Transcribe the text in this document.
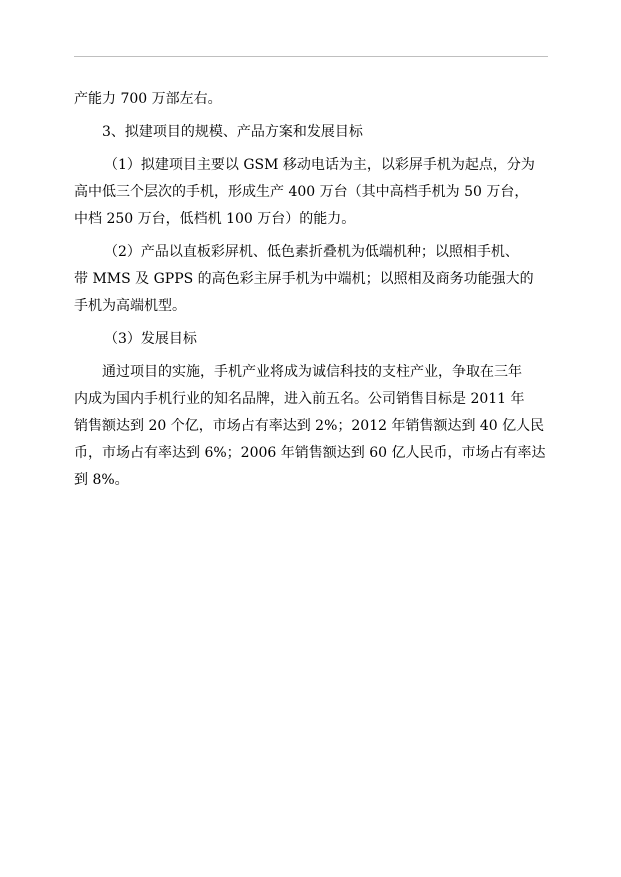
产能力 700 万部左右。

3、拟建项目的规模、产品方案和发展目标

（1）拟建项目主要以 GSM 移动电话为主，以彩屏手机为起点，分为
高中低三个层次的手机，形成生产 400 万台（其中高档手机为 50 万台，
中档 250 万台，低档机 100 万台）的能力。

（2）产品以直板彩屏机、低色素折叠机为低端机种；以照相手机、
带 MMS 及 GPPS 的高色彩主屏手机为中端机；以照相及商务功能强大的
手机为高端机型。

（3）发展目标

通过项目的实施，手机产业将成为诚信科技的支柱产业，争取在三年
内成为国内手机行业的知名品牌，进入前五名。公司销售目标是 2011 年
销售额达到 20 个亿，市场占有率达到 2%；2012 年销售额达到 40 亿人民
币，市场占有率达到 6%；2006 年销售额达到 60 亿人民币，市场占有率达
到 8%。
